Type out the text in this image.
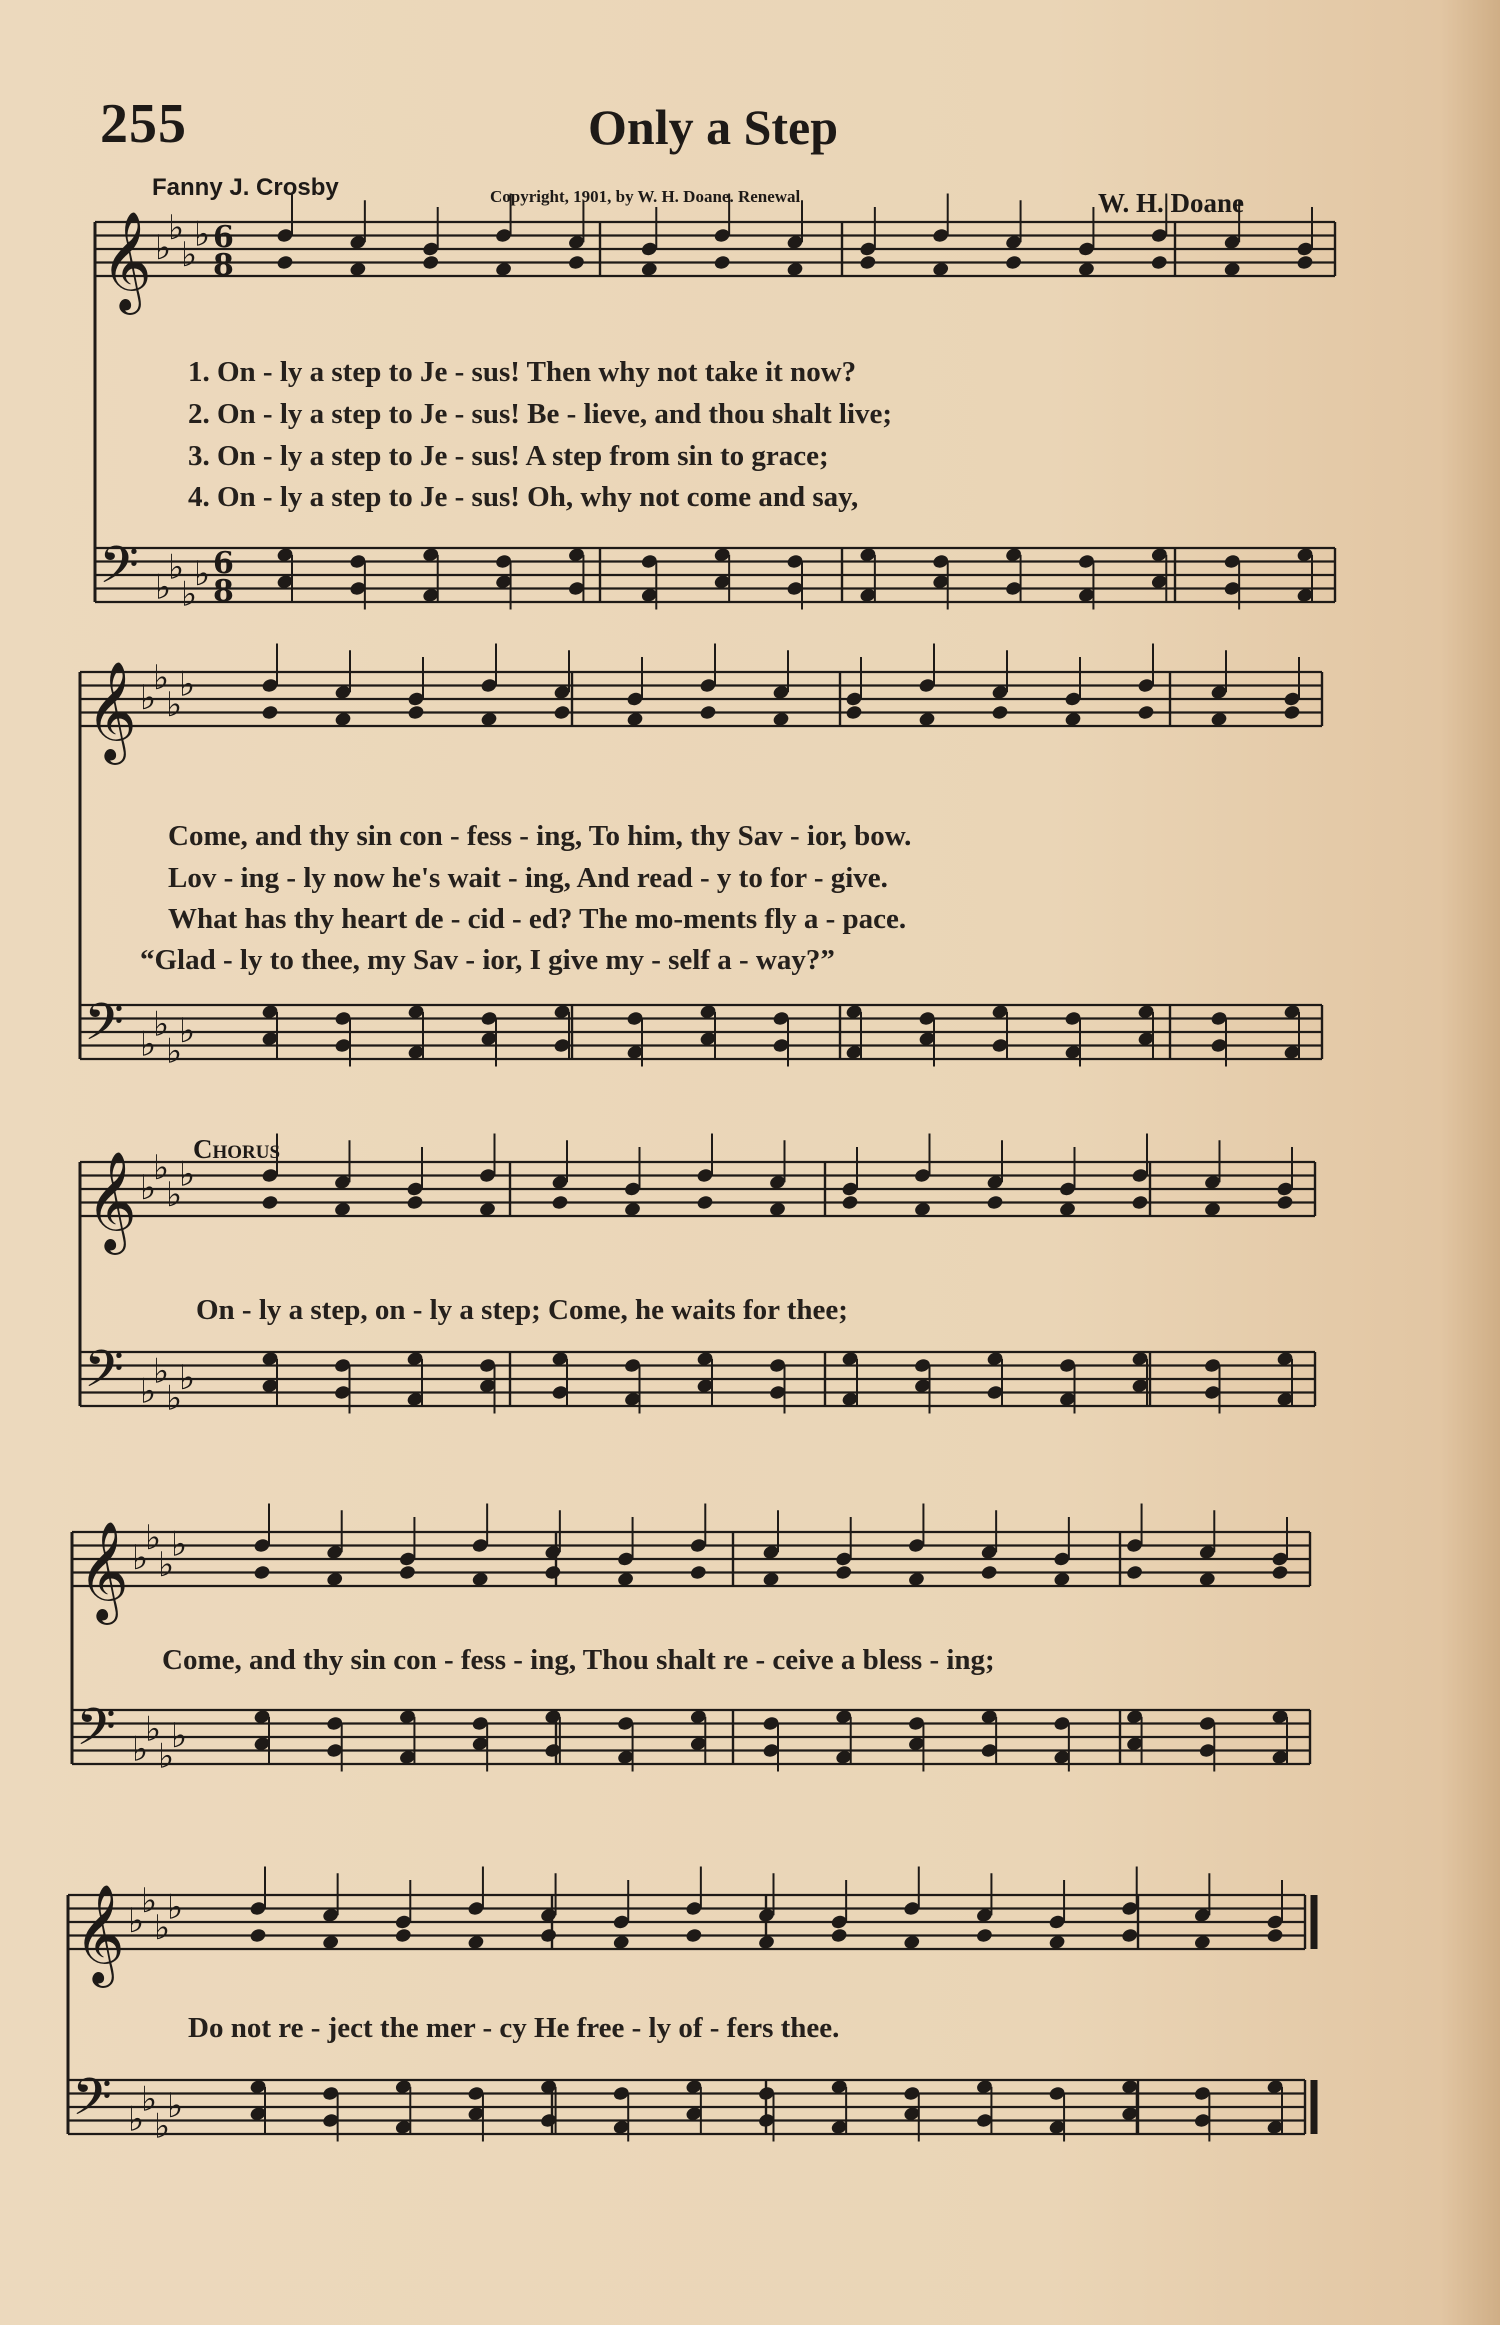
255	Only a Step
Fanny J. Crosby	Copyright, 1901, by W. H. Doane. Renewal	W. H. Doane
𝄞 ♭
♭
♭
♭ 6
8
𝄢 ♭
♭
♭
♭ 6
8
𝄞 ♭
♭
♭
♭
𝄢 ♭
♭
♭
♭
𝄞 ♭
♭
♭
♭
𝄢 ♭
♭
♭
♭
𝄞 ♭
♭
♭
♭
𝄢 ♭
♭
♭
♭
𝄞 ♭
♭
♭
♭
𝄢 ♭
♭
♭
♭
1. On - ly a step to Je - sus! Then why not take it now?
2. On - ly a step to Je - sus! Be - lieve, and thou shalt live;
3. On - ly a step to Je - sus! A step from sin to grace;
4. On - ly a step to Je - sus! Oh, why not come and say,
Come, and thy sin con - fess - ing, To him, thy Sav - ior, bow.
Lov - ing - ly now he's wait - ing, And read - y to for - give.
What has thy heart de - cid - ed? The mo-ments fly a - pace.
“Glad - ly to thee, my Sav - ior, I give my - self a - way?”
Chorus
On - ly a step, on - ly a step; Come, he waits for thee;
Come, and thy sin con - fess - ing, Thou shalt re - ceive a bless - ing;
Do not re - ject the mer - cy He free - ly of - fers thee.
